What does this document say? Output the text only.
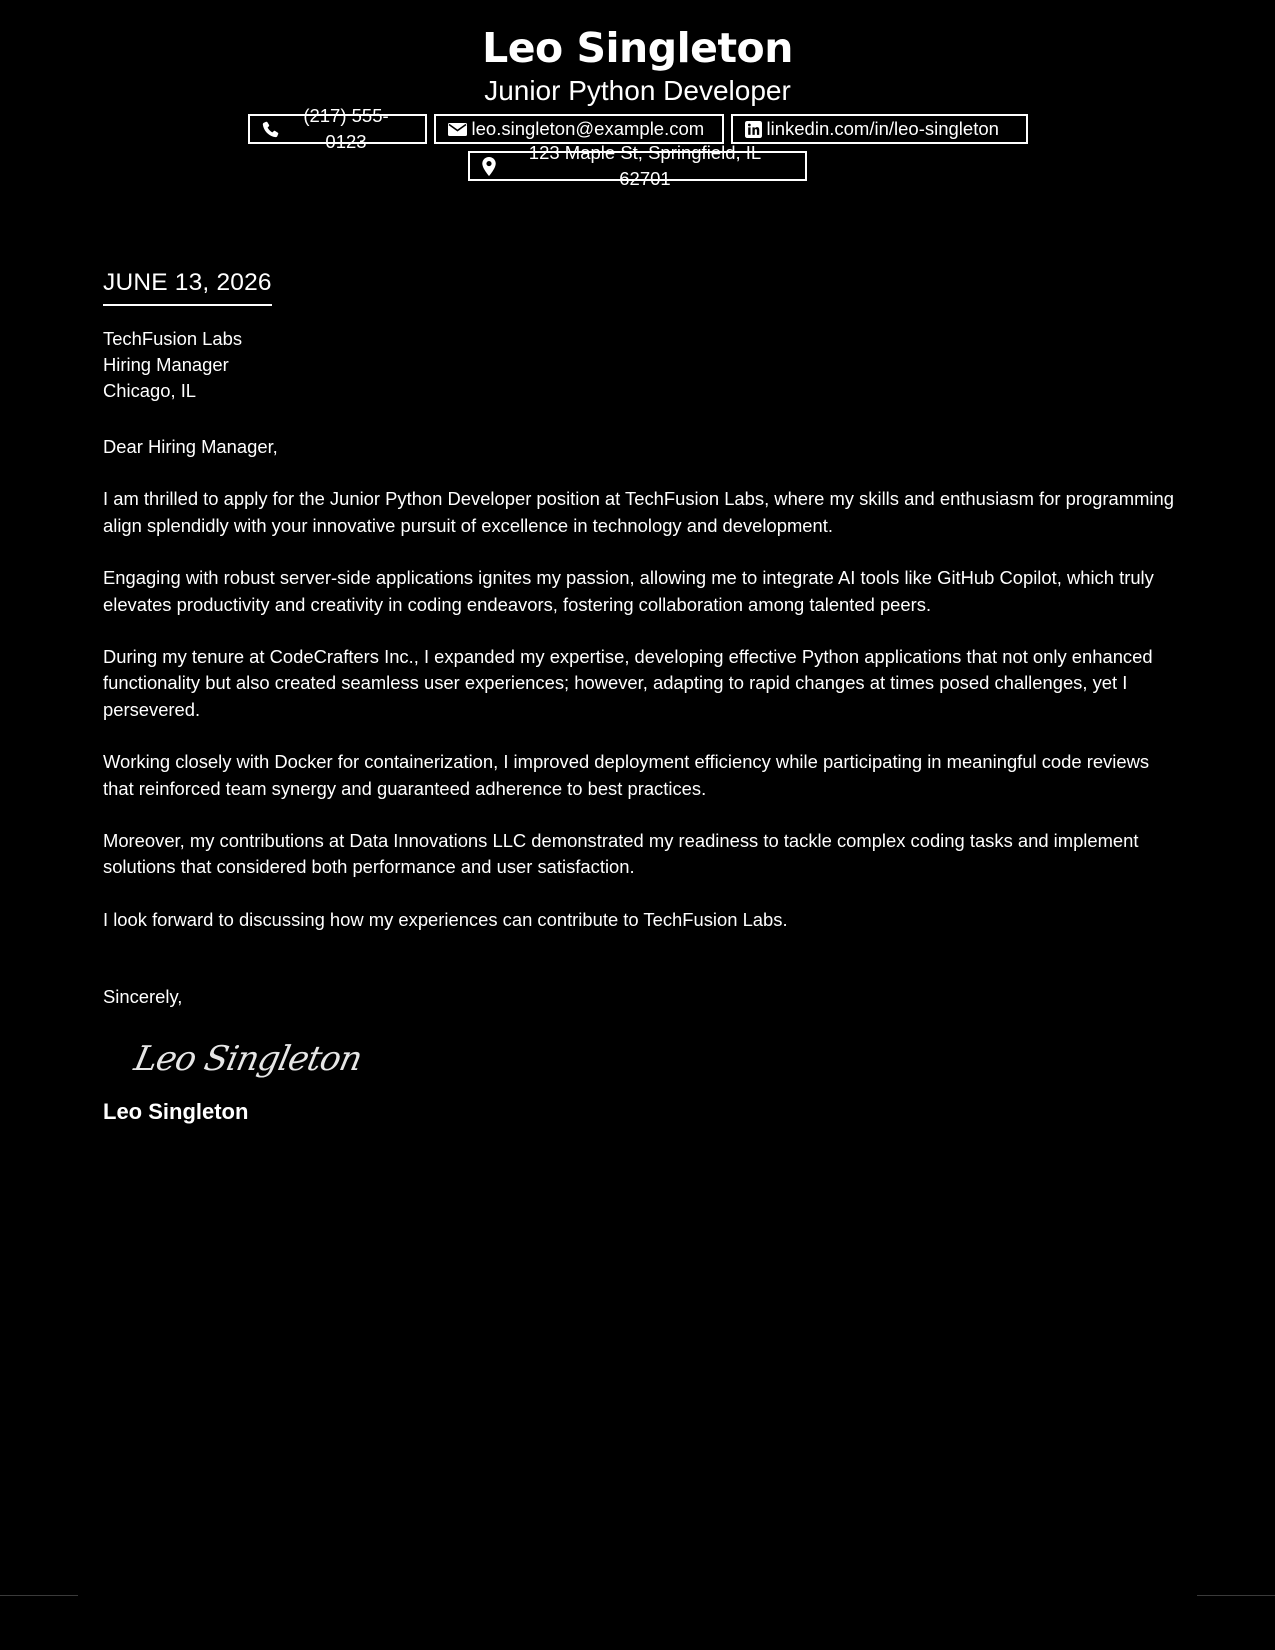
Leo Singleton
Junior Python Developer
(217) 555-0123
leo.singleton@example.com	linkedin.com/in/leo-singleton
123 Maple St, Springfield, IL 62701
JUNE 13, 2026
TechFusion Labs
Hiring Manager
Chicago, IL
Dear Hiring Manager,

I am thrilled to apply for the Junior Python Developer position at TechFusion Labs, where my skills and enthusiasm for programming align splendidly with your innovative pursuit of excellence in technology and development.

Engaging with robust server-side applications ignites my passion, allowing me to integrate AI tools like GitHub Copilot, which truly elevates productivity and creativity in coding endeavors, fostering collaboration among talented peers.

During my tenure at CodeCrafters Inc., I expanded my expertise, developing effective Python applications that not only enhanced functionality but also created seamless user experiences; however, adapting to rapid changes at times posed challenges, yet I persevered.

Working closely with Docker for containerization, I improved deployment efficiency while participating in meaningful code reviews that reinforced team synergy and guaranteed adherence to best practices.

Moreover, my contributions at Data Innovations LLC demonstrated my readiness to tackle complex coding tasks and implement solutions that considered both performance and user satisfaction.

I look forward to discussing how my experiences can contribute to TechFusion Labs.

Sincerely,
Leo Singleton
Leo Singleton
